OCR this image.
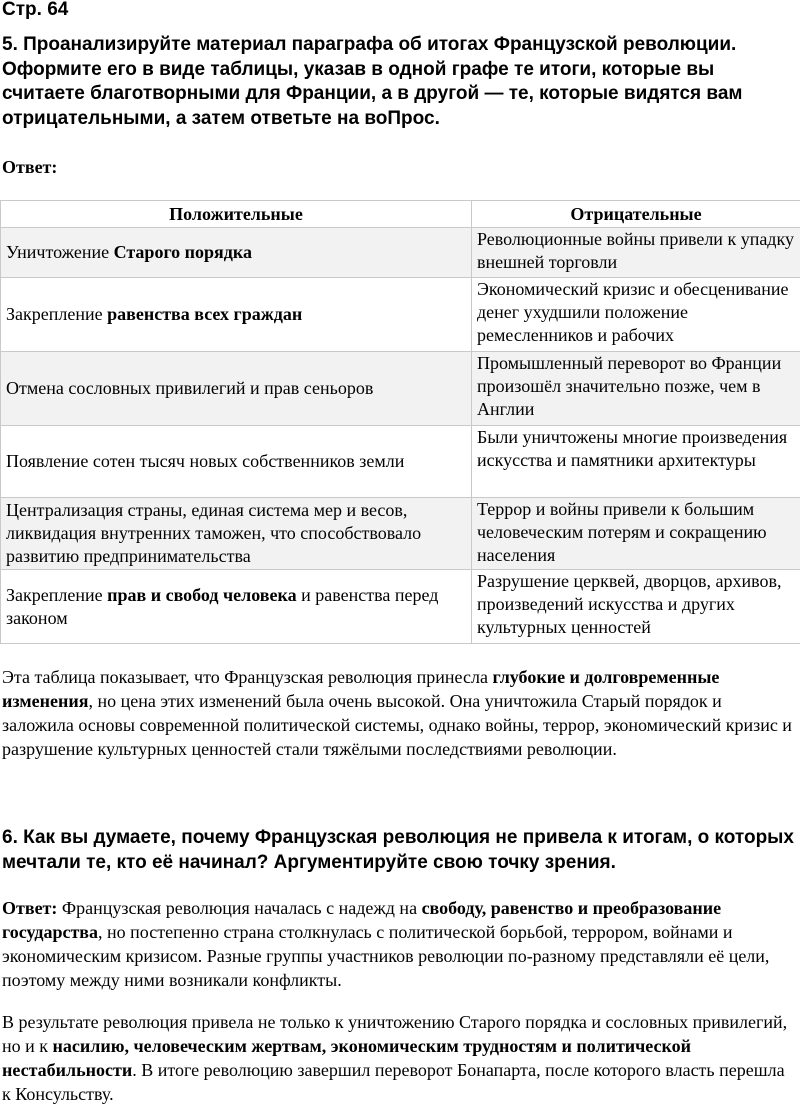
Стр. 64
5. Проанализируйте материал параграфа об итогах Французской революции. Оформите его в виде таблицы, указав в одной графе те итоги, которые вы считаете благотворными для Франции, а в другой — те, которые видятся вам отрицательными, а затем ответьте на воПрос.
Ответ:
Положительные	Отрицательные
Уничтожение Старого порядка	Революционные войны привели к упадку внешней торговли
Закрепление равенства всех граждан	Экономический кризис и обесценивание денег ухудшили положение ремесленников и рабочих
Отмена сословных привилегий и прав сеньоров	Промышленный переворот во Франции произошёл значительно позже, чем в Англии
Появление сотен тысяч новых собственников земли	Были уничтожены многие произведения искусства и памятники архитектуры
Централизация страны, единая система мер и весов, ликвидация внутренних таможен, что способствовало развитию предпринимательства	Террор и войны привели к большим человеческим потерям и сокращению населения
Закрепление прав и свобод человека и равенства перед законом	Разрушение церквей, дворцов, архивов, произведений искусства и других культурных ценностей
Эта таблица показывает, что Французская революция принесла глубокие и долговременные изменения, но цена этих изменений была очень высокой. Она уничтожила Старый порядок и заложила основы современной политической системы, однако войны, террор, экономический кризис и разрушение культурных ценностей стали тяжёлыми последствиями революции.
6. Как вы думаете, почему Французская революция не привела к итогам, о которых мечтали те, кто её начинал? Аргументируйте свою точку зрения.
Ответ: Французская революция началась с надежд на свободу, равенство и преобразование государства, но постепенно страна столкнулась с политической борьбой, террором, войнами и экономическим кризисом. Разные группы участников революции по-разному представляли её цели, поэтому между ними возникали конфликты.
В результате революция привела не только к уничтожению Старого порядка и сословных привилегий, но и к насилию, человеческим жертвам, экономическим трудностям и политической нестабильности. В итоге революцию завершил переворот Бонапарта, после которого власть перешла к Консульству.
